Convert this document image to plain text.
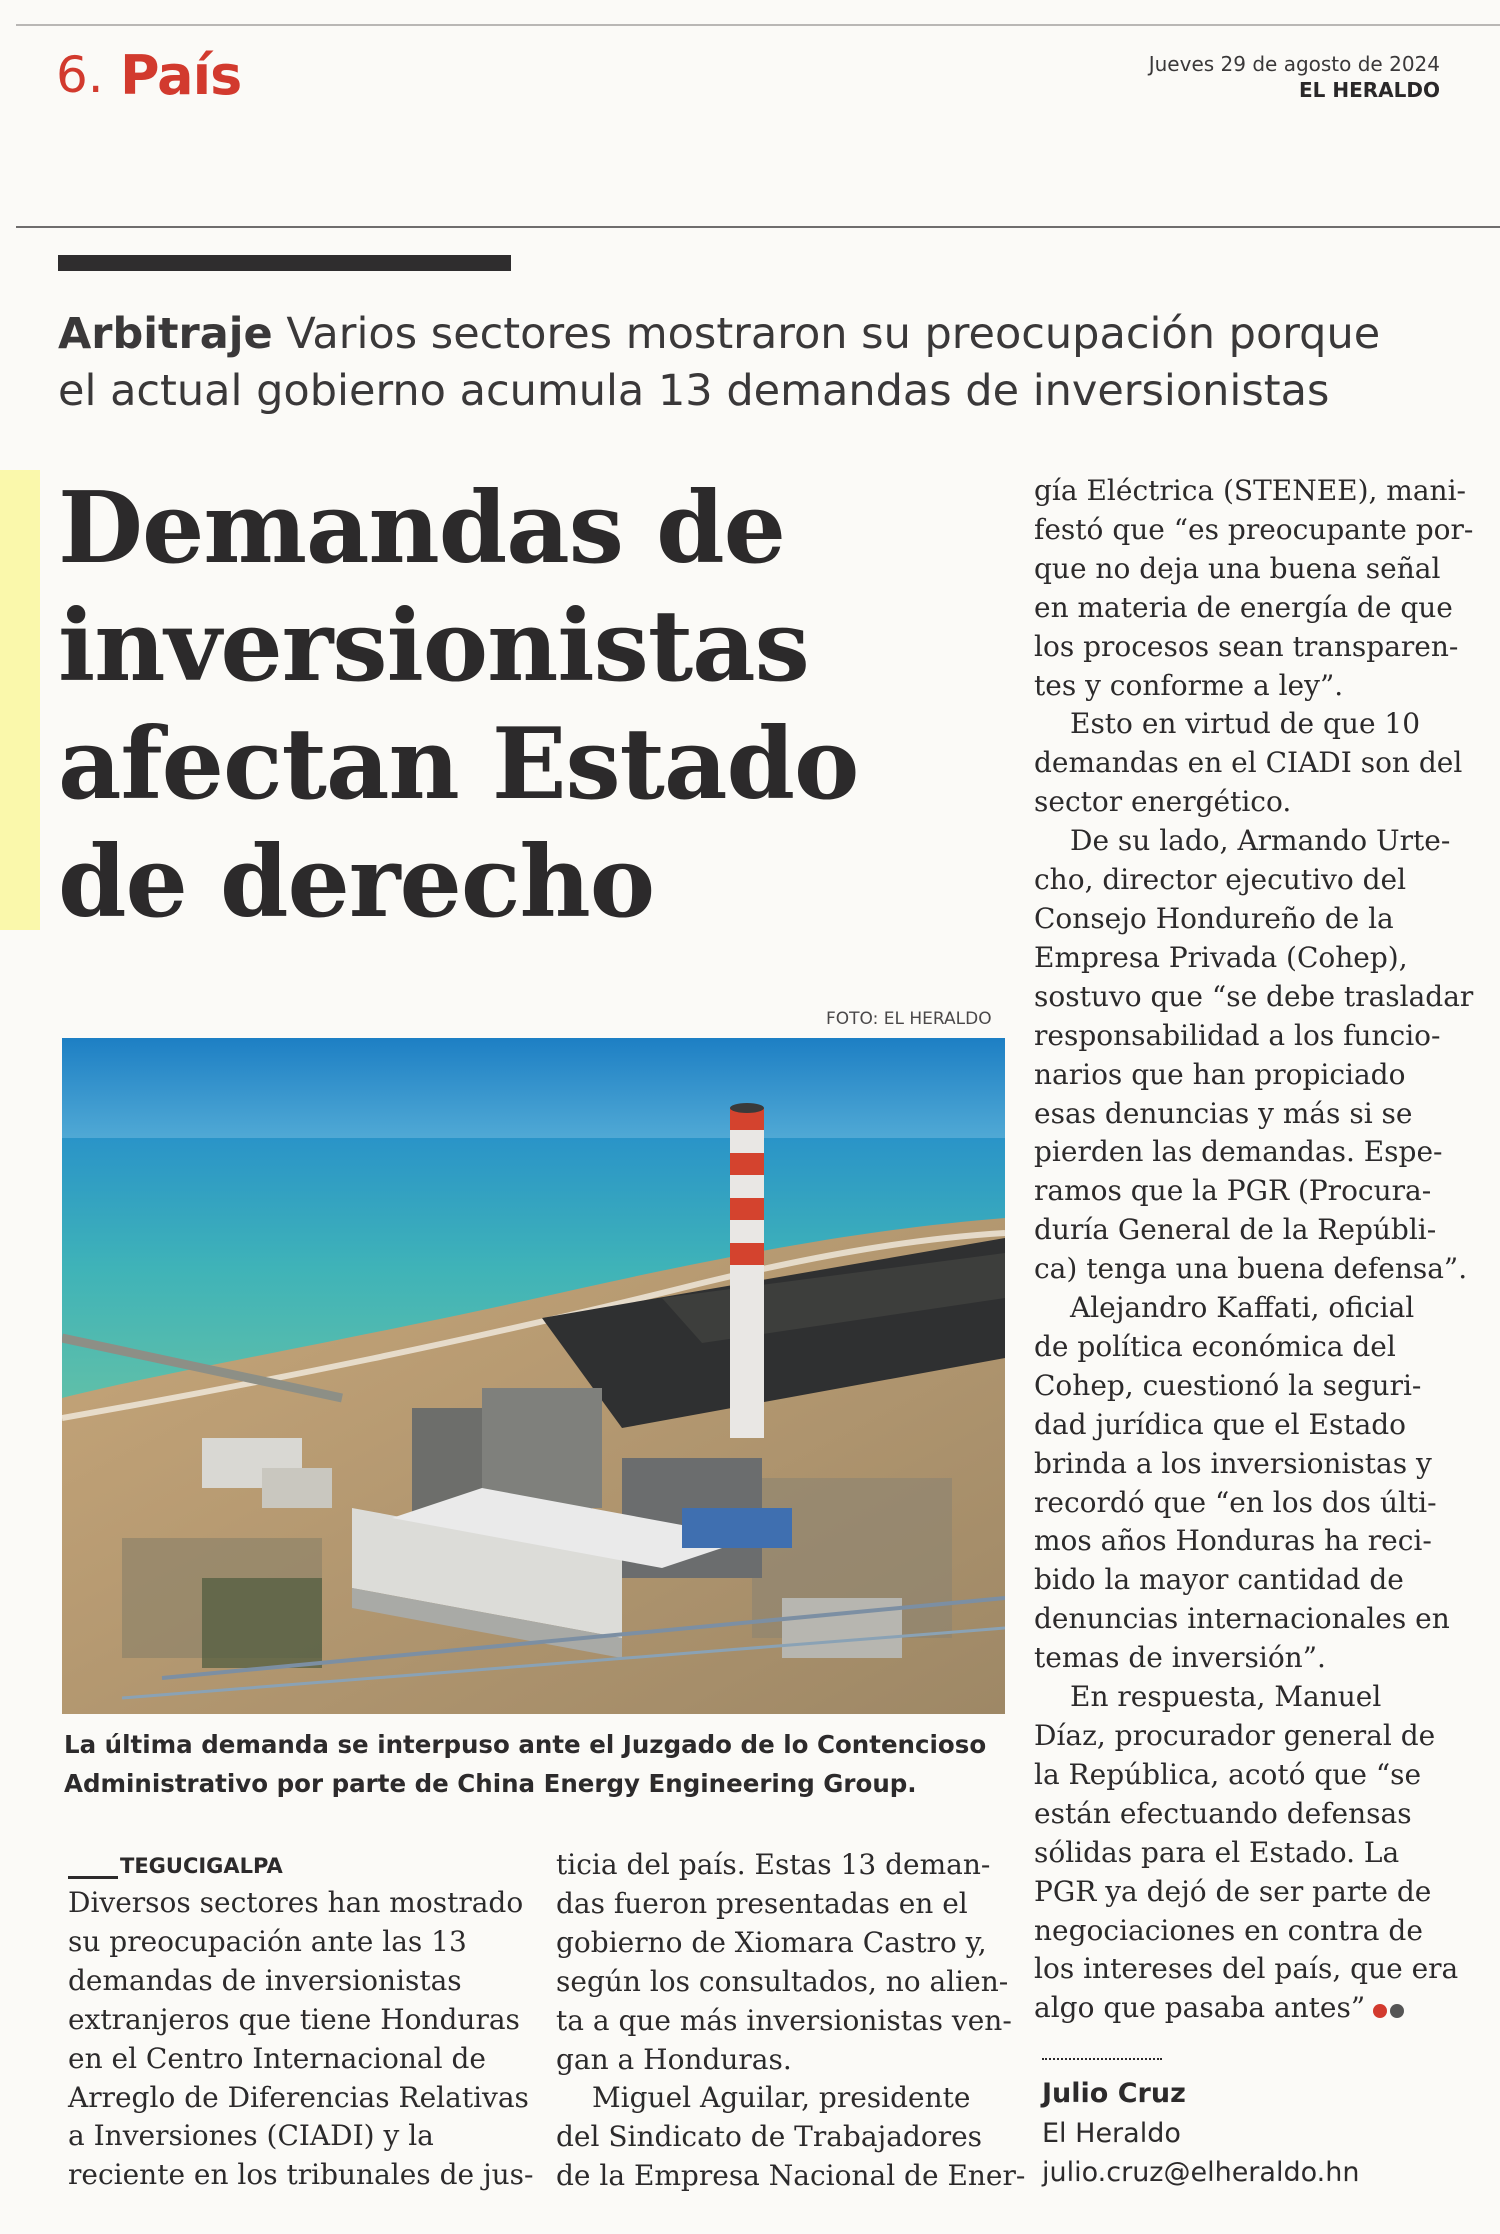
6. País	Jueves 29 de agosto de 2024
EL HERALDO
Arbitraje Varios sectores mostraron su preocupación porque
el actual gobierno acumula 13 demandas de inversionistas
Demandas de
inversionistas
afectan Estado
de derecho
FOTO: EL HERALDO
La última demanda se interpuso ante el Juzgado de lo Contencioso
Administrativo por parte de China Energy Engineering Group.
TEGUCIGALPA
Diversos sectores han mostrado
su preocupación ante las 13
demandas de inversionistas
extranjeros que tiene Honduras
en el Centro Internacional de
Arreglo de Diferencias Relativas
a Inversiones (CIADI) y la
reciente en los tribunales de jus-
ticia del país. Estas 13 deman-
das fueron presentadas en el
gobierno de Xiomara Castro y,
según los consultados, no alien-
ta a que más inversionistas ven-
gan a Honduras.
Miguel Aguilar, presidente
del Sindicato de Trabajadores
de la Empresa Nacional de Ener-
gía Eléctrica (STENEE), mani-
festó que “es preocupante por-
que no deja una buena señal
en materia de energía de que
los procesos sean transparen-
tes y conforme a ley”.
Esto en virtud de que 10
demandas en el CIADI son del
sector energético.
De su lado, Armando Urte-
cho, director ejecutivo del
Consejo Hondureño de la
Empresa Privada (Cohep),
sostuvo que “se debe trasladar
responsabilidad a los funcio-
narios que han propiciado
esas denuncias y más si se
pierden las demandas. Espe-
ramos que la PGR (Procura-
duría General de la Repúbli-
ca) tenga una buena defensa”.
Alejandro Kaffati, oficial
de política económica del
Cohep, cuestionó la seguri-
dad jurídica que el Estado
brinda a los inversionistas y
recordó que “en los dos últi-
mos años Honduras ha reci-
bido la mayor cantidad de
denuncias internacionales en
temas de inversión”.
En respuesta, Manuel
Díaz, procurador general de
la República, acotó que “se
están efectuando defensas
sólidas para el Estado. La
PGR ya dejó de ser parte de
negociaciones en contra de
los intereses del país, que era
algo que pasaba antes”
Julio Cruz
El Heraldo
julio.cruz@elheraldo.hn
